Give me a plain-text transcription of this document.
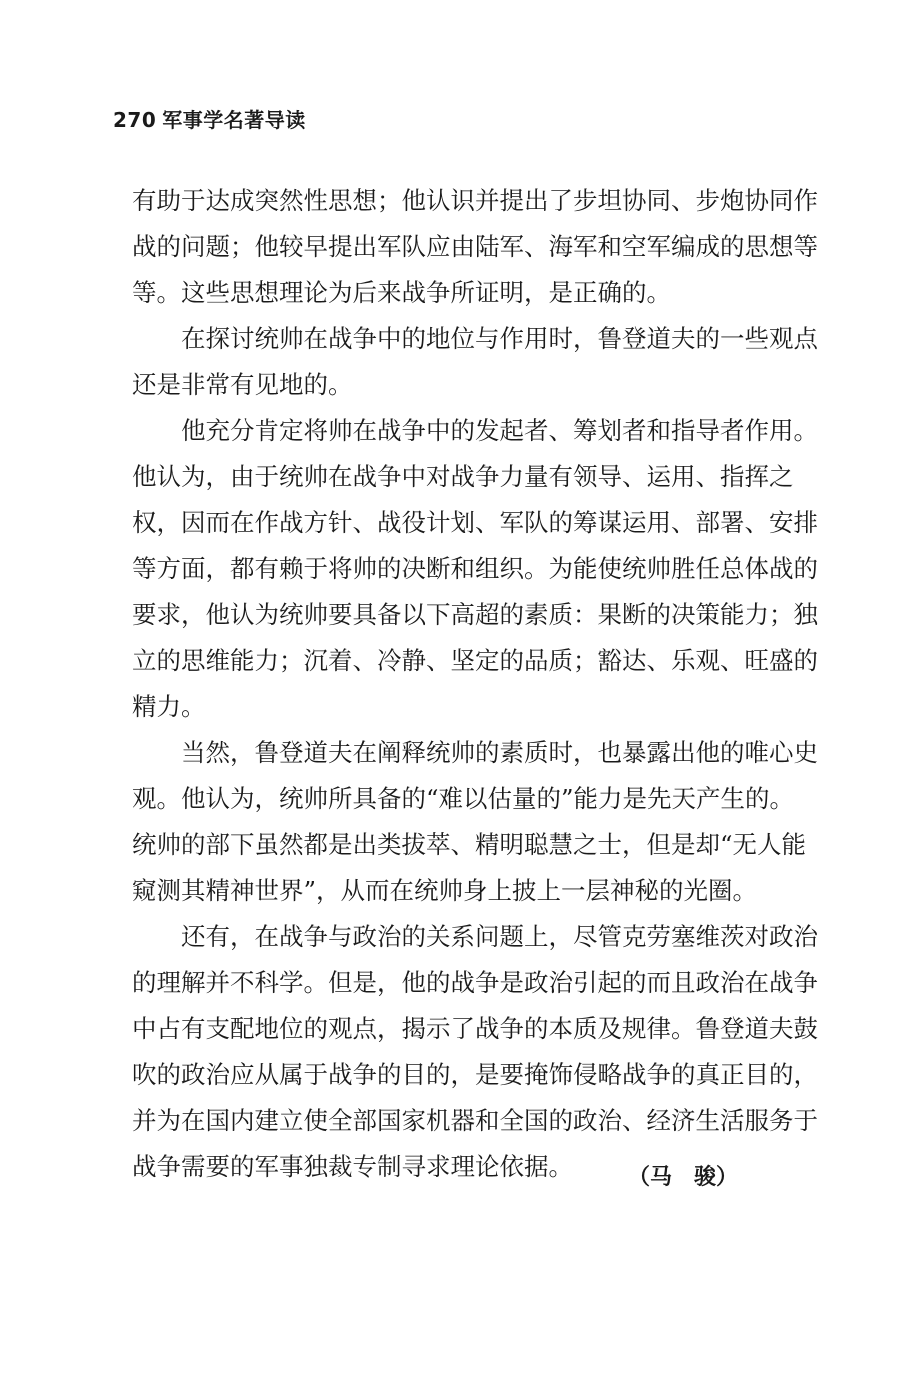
270 军事学名著导读
有助于达成突然性思想；他认识并提出了步坦协同、步炮协同作
战的问题；他较早提出军队应由陆军、海军和空军编成的思想等
等。这些思想理论为后来战争所证明，是正确的。
　　在探讨统帅在战争中的地位与作用时，鲁登道夫的一些观点
还是非常有见地的。
　　他充分肯定将帅在战争中的发起者、筹划者和指导者作用。
他认为，由于统帅在战争中对战争力量有领导、运用、指挥之
权，因而在作战方针、战役计划、军队的筹谋运用、部署、安排
等方面，都有赖于将帅的决断和组织。为能使统帅胜任总体战的
要求，他认为统帅要具备以下高超的素质：果断的决策能力；独
立的思维能力；沉着、冷静、坚定的品质；豁达、乐观、旺盛的
精力。
　　当然，鲁登道夫在阐释统帅的素质时，也暴露出他的唯心史
观。他认为，统帅所具备的“难以估量的”能力是先天产生的。
统帅的部下虽然都是出类拔萃、精明聪慧之士，但是却“无人能
窥测其精神世界”，从而在统帅身上披上一层神秘的光圈。
　　还有，在战争与政治的关系问题上，尽管克劳塞维茨对政治
的理解并不科学。但是，他的战争是政治引起的而且政治在战争
中占有支配地位的观点，揭示了战争的本质及规律。鲁登道夫鼓
吹的政治应从属于战争的目的，是要掩饰侵略战争的真正目的，
并为在国内建立使全部国家机器和全国的政治、经济生活服务于
战争需要的军事独裁专制寻求理论依据。	（马　骏）
